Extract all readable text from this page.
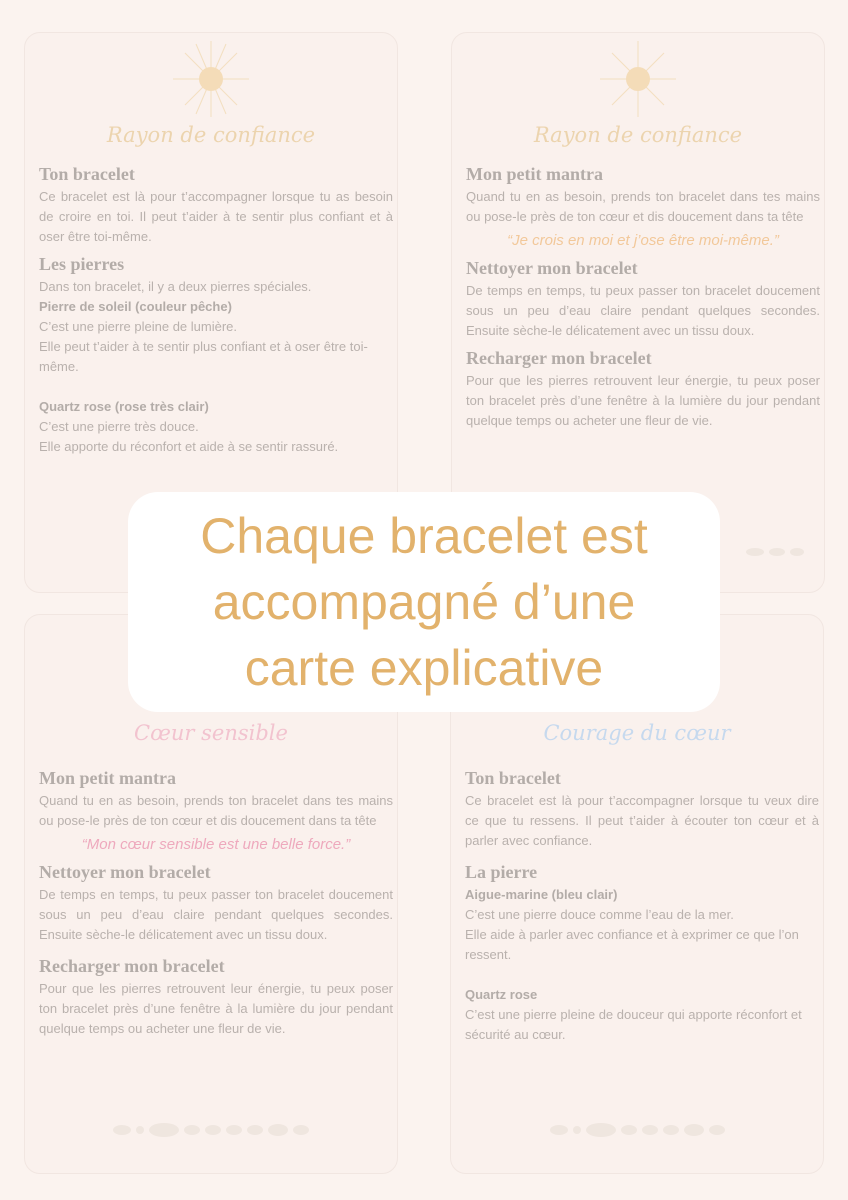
Rayon de confiance
Ton bracelet

Ce bracelet est là pour t’accompagner lorsque tu as besoin de croire en toi. Il peut t’aider à te sentir plus confiant et à oser être toi-même.

Les pierres
Dans ton bracelet, il y a deux pierres spéciales.
Pierre de soleil (couleur pêche)
C’est une pierre pleine de lumière.
Elle peut t’aider à te sentir plus confiant et à oser être toi-même.

Quartz rose (rose très clair)
C’est une pierre très douce.
Elle apporte du réconfort et aide à se sentir rassuré.
Rayon de confiance
Mon petit mantra

Quand tu en as besoin, prends ton bracelet dans tes mains ou pose-le près de ton cœur et dis doucement dans ta tête

“Je crois en moi et j’ose être moi-même.”
Nettoyer mon bracelet

De temps en temps, tu peux passer ton bracelet doucement sous un peu d’eau claire pendant quelques secondes. Ensuite sèche-le délicatement avec un tissu doux.

Recharger mon bracelet

Pour que les pierres retrouvent leur énergie, tu peux poser ton bracelet près d’une fenêtre à la lumière du jour pendant quelque temps ou acheter une fleur de vie.

Cœur sensible
Mon petit mantra

Quand tu en as besoin, prends ton bracelet dans tes mains ou pose-le près de ton cœur et dis doucement dans ta tête

“Mon cœur sensible est une belle force.”
Nettoyer mon bracelet

De temps en temps, tu peux passer ton bracelet doucement sous un peu d’eau claire pendant quelques secondes. Ensuite sèche-le délicatement avec un tissu doux.

Recharger mon bracelet

Pour que les pierres retrouvent leur énergie, tu peux poser ton bracelet près d’une fenêtre à la lumière du jour pendant quelque temps ou acheter une fleur de vie.

Courage du cœur
Ton bracelet

Ce bracelet est là pour t’accompagner lorsque tu veux dire ce que tu ressens. Il peut t’aider à écouter ton cœur et à parler avec confiance.

La pierre
Aigue-marine (bleu clair)
C’est une pierre douce comme l’eau de la mer.
Elle aide à parler avec confiance et à exprimer ce que l’on ressent.

Quartz rose
C’est une pierre pleine de douceur qui apporte réconfort et sécurité au cœur.
Chaque bracelet est
accompagné d’une
carte explicative
